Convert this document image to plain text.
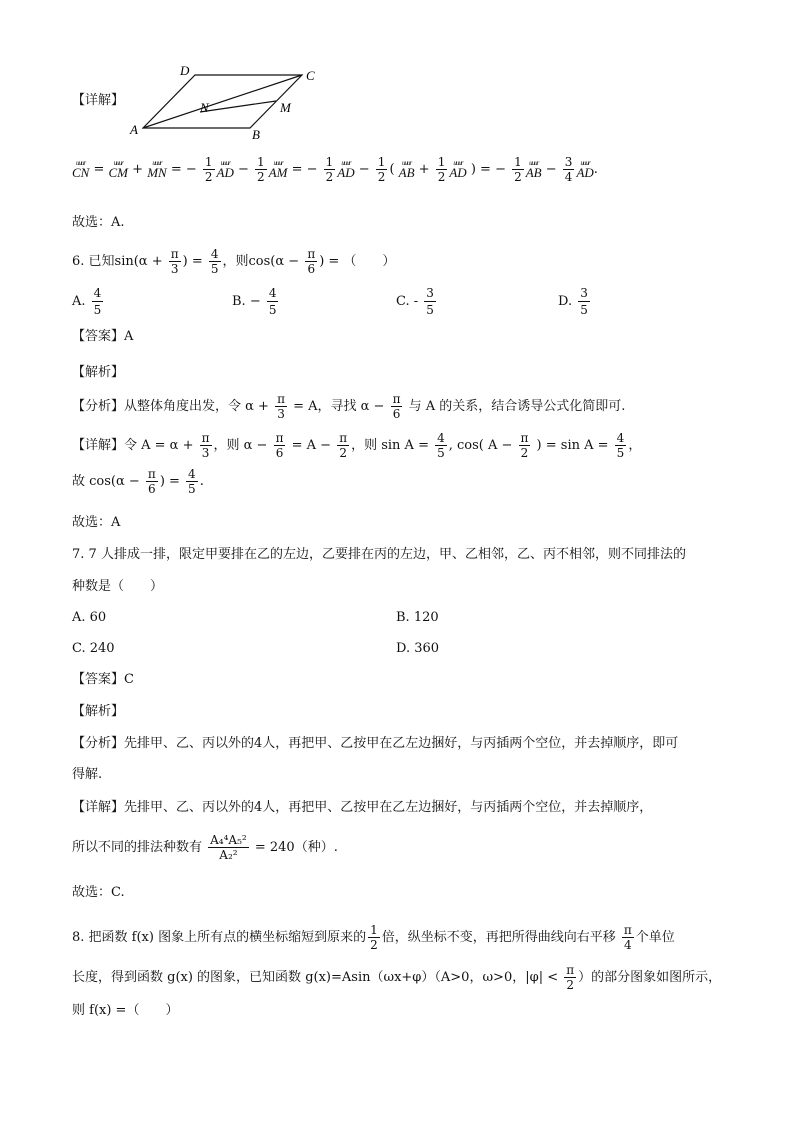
D	C
N	M
A	B
【详解】
uuur
CN = uuur
CM + uuur
MN = − $\frac{1}{2}$ uuur
AD − $\frac{1}{2}$ uuur
AM = − $\frac{1}{2}$ uuur
AD − $\frac{1}{2}$ ( uuur
AB + $\frac{1}{2}$ uuur
AD ) = − $\frac{1}{2}$ uuur
AB − $\frac{3}{4}$ uuur
AD .
故选：A.
6. 已知$\sin(\alpha + \frac{\pi}{3}$ ) = $\frac{4}{5}$ ，则$\cos(\alpha - \frac{\pi}{6}$ ) = （　　）
A. $\frac{4}{5}$	B. − $\frac{4}{5}$	C. - $\frac{3}{5}$	D. $\frac{3}{5}$
【答案】A
【解析】
【分析】从整体角度出发，令 $\alpha + \frac{\pi}{3} = A$，寻找 $\alpha - \frac{\pi}{6}$ 与 A 的关系，结合诱导公式化简即可.
【详解】令 $A = \alpha + \frac{\pi}{3}$ ，则 $\alpha - \frac{\pi}{6} = A - \frac{\pi}{2}$ ，则 $\sin A = \frac{4}{5}$ , cos( $A - \frac{\pi}{2}$ ) = $\sin A = \frac{4}{5}$ ，
故 $\cos(\alpha - \frac{\pi}{6}$ ) = $\frac{4}{5}$ .
故选：A
7. 7 人排成一排，限定甲要排在乙的左边，乙要排在丙的左边，甲、乙相邻，乙、丙不相邻，则不同排法的
种数是（　　）
A. 60	B. 120
C. 240	D. 360
【答案】C
【解析】
【分析】先排甲、乙、丙以外的4人，再把甲、乙按甲在乙左边捆好，与丙插两个空位，并去掉顺序，即可
得解.
【详解】先排甲、乙、丙以外的4人，再把甲、乙按甲在乙左边捆好，与丙插两个空位，并去掉顺序，
所以不同的排法种数有 $\frac{\text{A₄⁴A₅²}}{\text{A₂²}} = 240$（种）.
故选：C.
8. 把函数 f(x) 图象上所有点的横坐标缩短到原来的 $\frac{1}{2}$ 倍，纵坐标不变，再把所得曲线向右平移 $\frac{\pi}{4}$ 个单位
长度，得到函数 g(x) 的图象，已知函数 g(x)=Asin（ωx+φ）（A>0，ω>0，$|\varphi| < \frac{\pi}{2}$ ）的部分图象如图所示，
则 f(x) =（　　）
